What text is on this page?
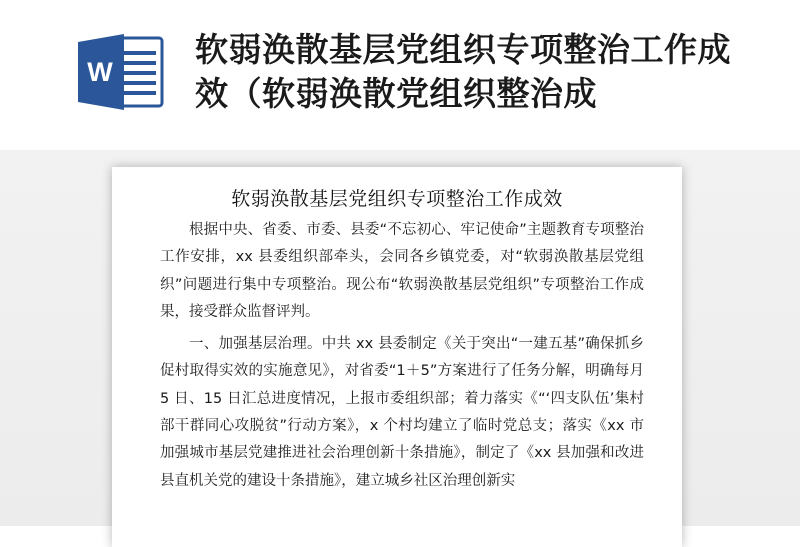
W
软弱涣散基层党组织专项整治工作成效（软弱涣散党组织整治成
软弱涣散基层党组织专项整治工作成效

根据中央、省委、市委、县委“不忘初心、牢记使命”主题教育专项整治工作安排，xx 县委组织部牵头，会同各乡镇党委，对“软弱涣散基层党组织”问题进行集中专项整治。现公布“软弱涣散基层党组织”专项整治工作成果，接受群众监督评判。

一、加强基层治理。中共 xx 县委制定《关于突出“一建五基”确保抓乡促村取得实效的实施意见》，对省委“1＋5”方案进行了任务分解，明确每月 5 日、15 日汇总进度情况，上报市委组织部；着力落实《“‘四支队伍’集村部干群同心攻脱贫”行动方案》，x 个村均建立了临时党总支；落实《xx 市加强城市基层党建推进社会治理创新十条措施》，制定了《xx 县加强和改进县直机关党的建设十条措施》，建立城乡社区治理创新实
